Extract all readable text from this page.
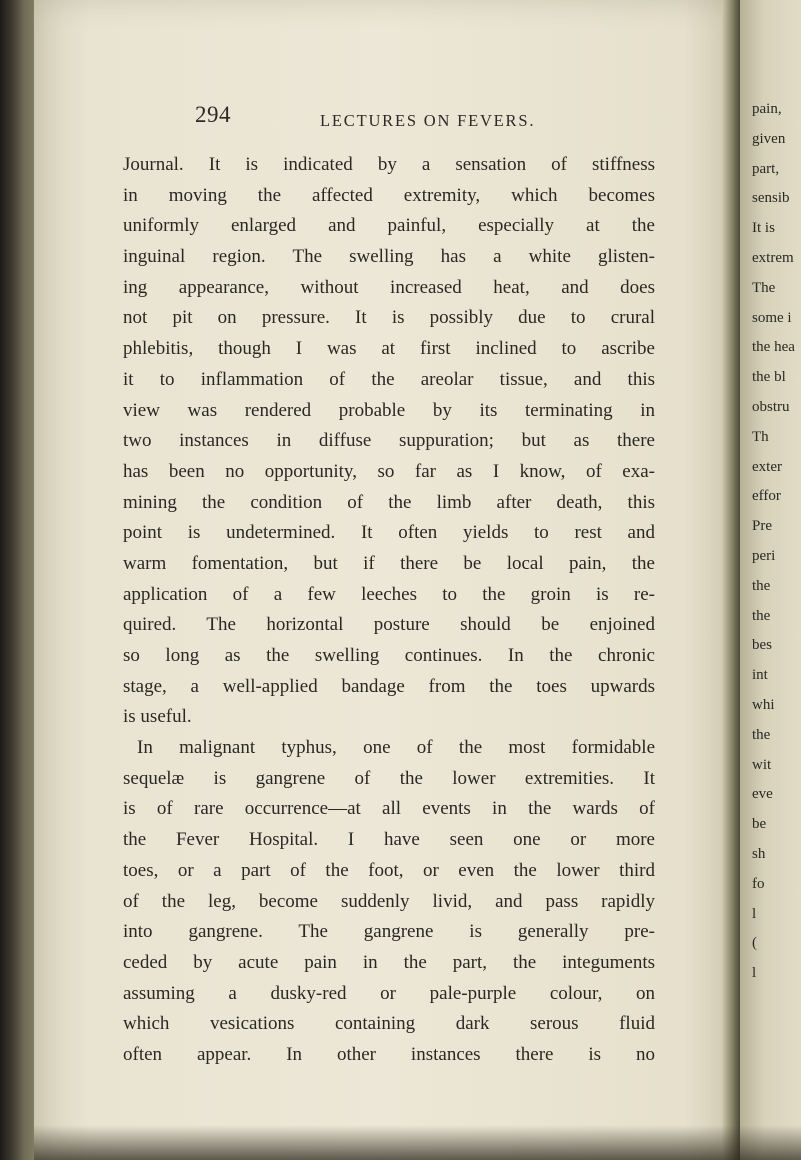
294	LECTURES ON FEVERS.
Journal. It is indicated by a sensation of stiffness
in moving the affected extremity, which becomes
uniformly enlarged and painful, especially at the
inguinal region. The swelling has a white glisten-
ing appearance, without increased heat, and does
not pit on pressure. It is possibly due to crural
phlebitis, though I was at first inclined to ascribe
it to inflammation of the areolar tissue, and this
view was rendered probable by its terminating in
two instances in diffuse suppuration; but as there
has been no opportunity, so far as I know, of exa-
mining the condition of the limb after death, this
point is undetermined. It often yields to rest and
warm fomentation, but if there be local pain, the
application of a few leeches to the groin is re-
quired. The horizontal posture should be enjoined
so long as the swelling continues. In the chronic
stage, a well-applied bandage from the toes upwards
is useful.
In malignant typhus, one of the most formidable
sequelæ is gangrene of the lower extremities. It
is of rare occurrence—at all events in the wards of
the Fever Hospital. I have seen one or more
toes, or a part of the foot, or even the lower third
of the leg, become suddenly livid, and pass rapidly
into gangrene. The gangrene is generally pre-
ceded by acute pain in the part, the integuments
assuming a dusky-red or pale-purple colour, on
which vesications containing dark serous fluid
often appear. In other instances there is no
pain,
given
part,
sensib
It is
extrem
The
some i
the hea
the bl
obstru
Th
exter
effor
Pre
peri
the
the
bes
int
whi
the
wit
eve
be
sh
fo
l
(
l
